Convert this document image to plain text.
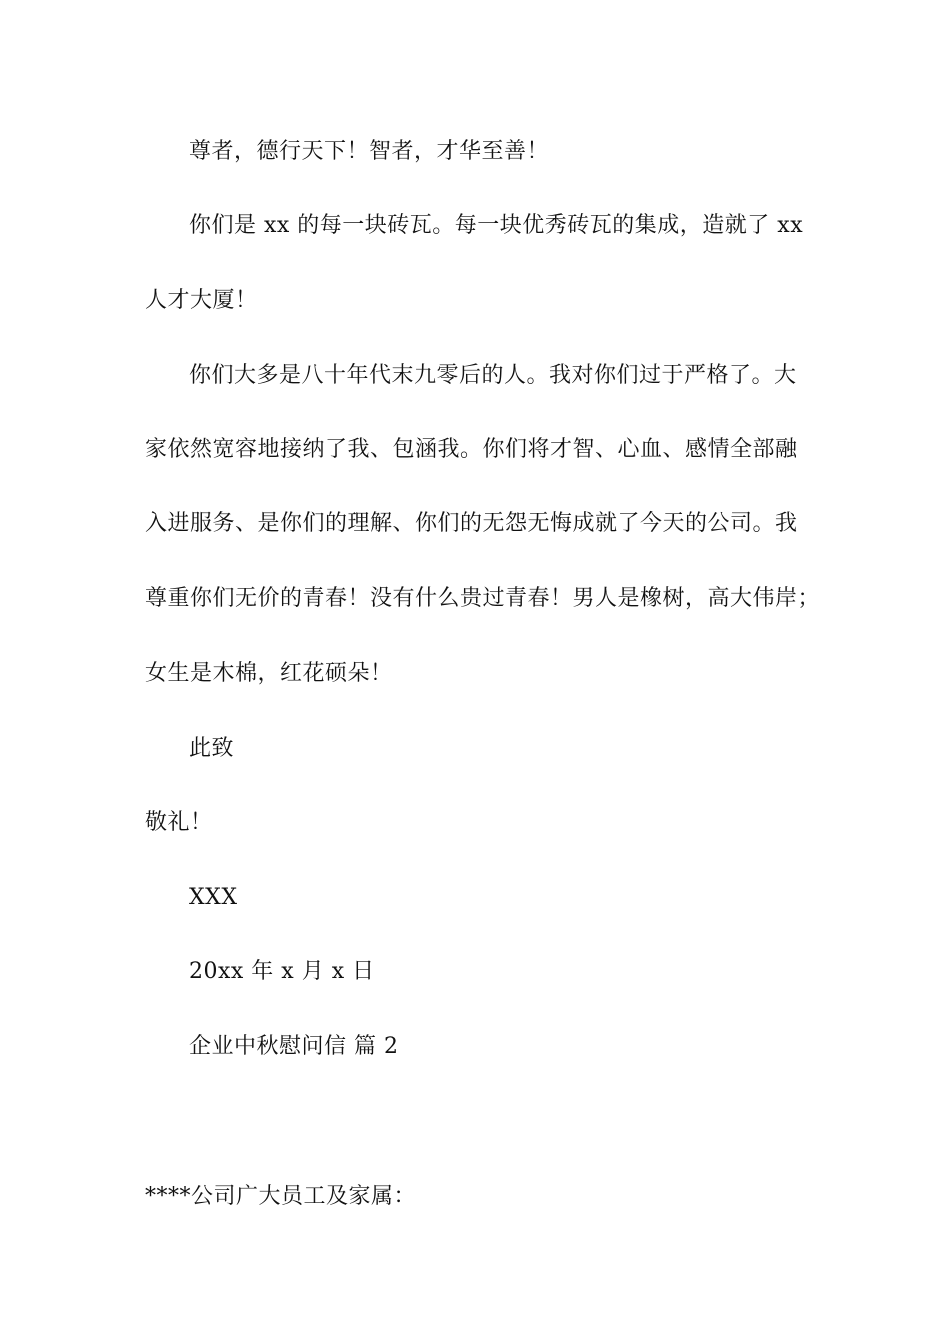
尊者，德行天下！智者，才华至善！
你们是 xx 的每一块砖瓦。每一块优秀砖瓦的集成，造就了 xx
人才大厦！
你们大多是八十年代末九零后的人。我对你们过于严格了。大
家依然宽容地接纳了我、包涵我。你们将才智、心血、感情全部融
入进服务、是你们的理解、你们的无怨无悔成就了今天的公司。我
尊重你们无价的青春！没有什么贵过青春！男人是橡树，高大伟岸；
女生是木棉，红花硕朵！
此致
敬礼！
XXX
20xx 年 x 月 x 日
企业中秋慰问信 篇 2
****公司广大员工及家属：
